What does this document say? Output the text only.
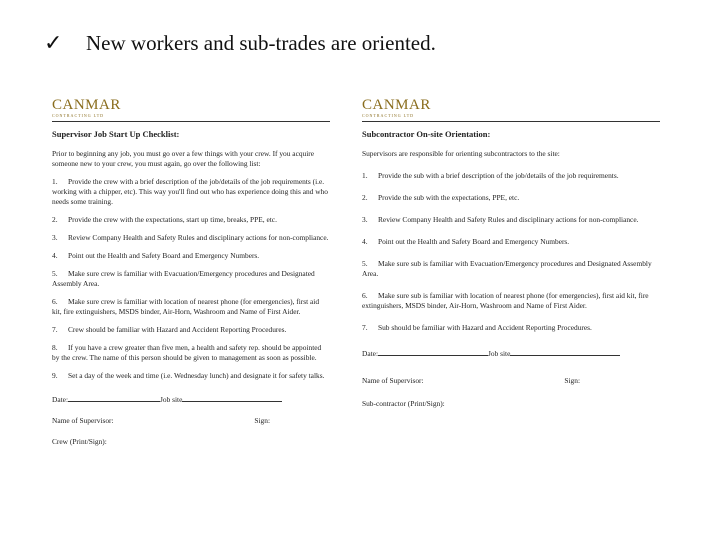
✓	New workers and sub-trades are oriented.
CANMAR
CONTRACTING LTD
Supervisor Job Start Up Checklist:
Prior to beginning any job, you must go over a few things with your crew. If you acquire someone new to your crew, you must again, go over the following list:
1. Provide the crew with a brief description of the job/details of the job requirements (i.e. working with a chipper, etc). This way you'll find out who has experience doing this and who needs some training.
2. Provide the crew with the expectations, start up time, breaks, PPE, etc.
3. Review Company Health and Safety Rules and disciplinary actions for non-compliance.
4. Point out the Health and Safety Board and Emergency Numbers.
5. Make sure crew is familiar with Evacuation/Emergency procedures and Designated Assembly Area.
6. Make sure crew is familiar with location of nearest phone (for emergencies), first aid kit, fire extinguishers, MSDS binder, Air-Horn, Washroom and Name of First Aider.
7. Crew should be familiar with Hazard and Accident Reporting Procedures.
8. If you have a crew greater than five men, a health and safety rep. should be appointed by the crew. The name of this person should be given to management as soon as possible.
9. Set a day of the week and time (i.e. Wednesday lunch) and designate it for safety talks.
Date:	Job site
Name of Supervisor:	Sign:
Crew (Print/Sign):
CANMAR
CONTRACTING LTD
Subcontractor On-site Orientation:
Supervisors are responsible for orienting subcontractors to the site:
1. Provide the sub with a brief description of the job/details of the job requirements.
2. Provide the sub with the expectations, PPE, etc.
3. Review Company Health and Safety Rules and disciplinary actions for non-compliance.
4. Point out the Health and Safety Board and Emergency Numbers.
5. Make sure sub is familiar with Evacuation/Emergency procedures and Designated Assembly Area.
6. Make sure sub is familiar with location of nearest phone (for emergencies), first aid kit, fire extinguishers, MSDS binder, Air-Horn, Washroom and Name of First Aider.
7. Sub should be familiar with Hazard and Accident Reporting Procedures.
Date:	Job site
Name of Supervisor:	Sign:
Sub-contractor (Print/Sign):
